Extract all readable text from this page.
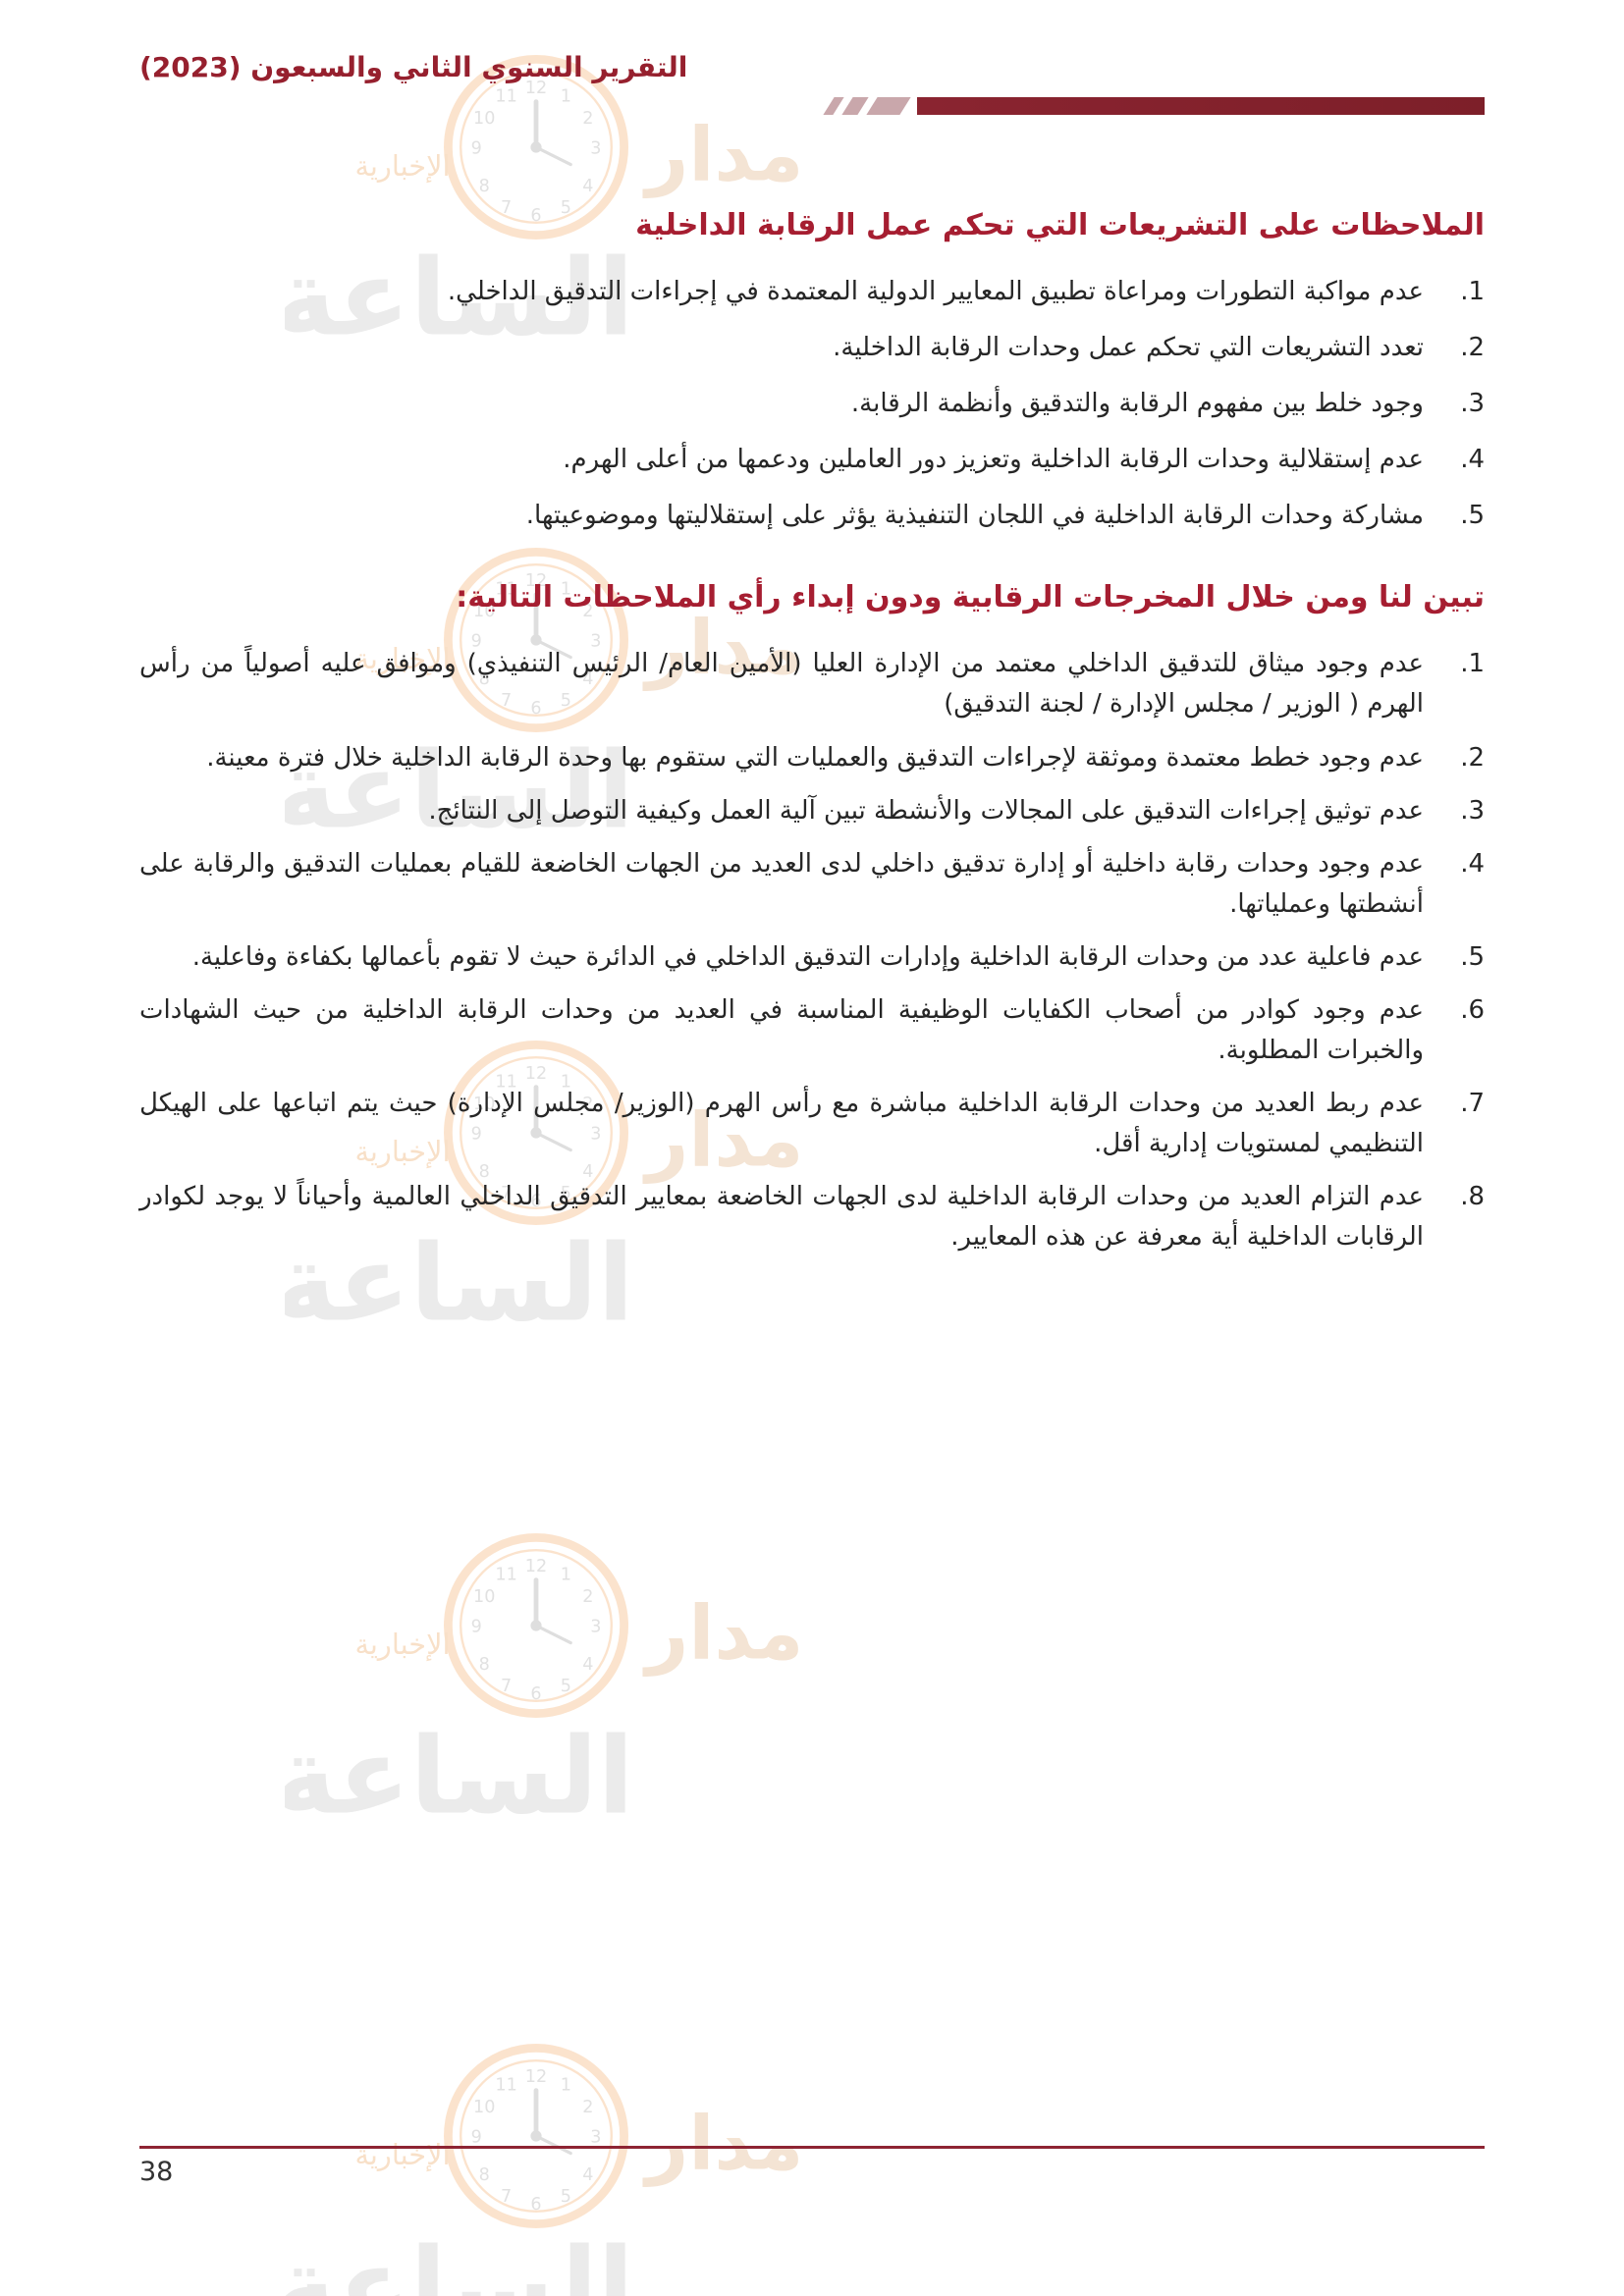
التقرير السنوي الثاني والسبعون (2023)
الملاحظات على التشريعات التي تحكم عمل الرقابة الداخلية
.1
عدم مواكبة التطورات ومراعاة تطبيق المعايير الدولية المعتمدة في إجراءات التدقيق الداخلي.
.2
تعدد التشريعات التي تحكم عمل وحدات الرقابة الداخلية.
.3
وجود خلط بين مفهوم الرقابة والتدقيق وأنظمة الرقابة.
.4
عدم إستقلالية وحدات الرقابة الداخلية وتعزيز دور العاملين ودعمها من أعلى الهرم.
.5
مشاركة وحدات الرقابة الداخلية في اللجان التنفيذية يؤثر على إستقلاليتها وموضوعيتها.
تبين لنا ومن خلال المخرجات الرقابية ودون إبداء رأي الملاحظات التالية:
.1
عدم وجود ميثاق للتدقيق الداخلي معتمد من الإدارة العليا (الأمين العام/ الرئيس التنفيذي) وموافق عليه أصولياً من رأس الهرم ( الوزير / مجلس الإدارة / لجنة التدقيق)
.2
عدم وجود خطط معتمدة وموثقة لإجراءات التدقيق والعمليات التي ستقوم بها وحدة الرقابة الداخلية خلال فترة معينة.
.3
عدم توثيق إجراءات التدقيق على المجالات والأنشطة تبين آلية العمل وكيفية التوصل إلى النتائج.
.4
عدم وجود وحدات رقابة داخلية أو إدارة تدقيق داخلي لدى العديد من الجهات الخاضعة للقيام بعمليات التدقيق والرقابة على أنشطتها وعملياتها.
.5
عدم فاعلية عدد من وحدات الرقابة الداخلية وإدارات التدقيق الداخلي في الدائرة حيث لا تقوم بأعمالها بكفاءة وفاعلية.
.6
عدم وجود كوادر من أصحاب الكفايات الوظيفية المناسبة في العديد من وحدات الرقابة الداخلية من حيث الشهادات والخبرات المطلوبة.
.7
عدم ربط العديد من وحدات الرقابة الداخلية مباشرة مع رأس الهرم (الوزير/ مجلس الإدارة) حيث يتم اتباعها على الهيكل التنظيمي لمستويات إدارية أقل.
.8
عدم التزام العديد من وحدات الرقابة الداخلية لدى الجهات الخاضعة بمعايير التدقيق الداخلي العالمية وأحياناً لا يوجد لكوادر الرقابات الداخلية أية معرفة عن هذه المعايير.
38
